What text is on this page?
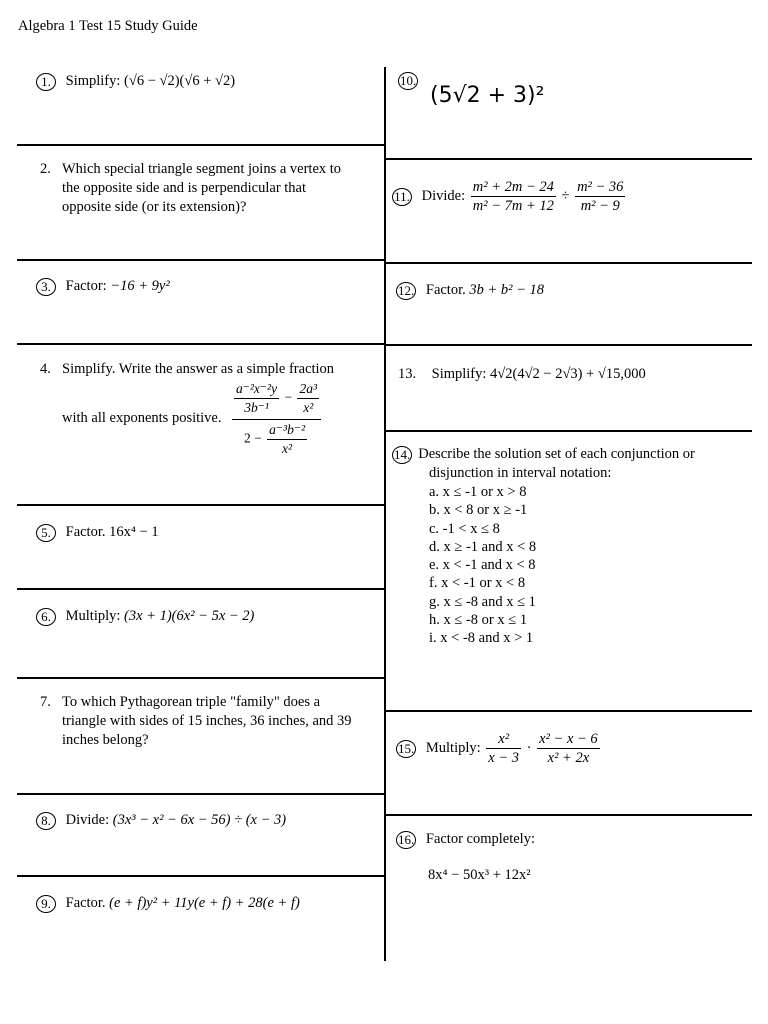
Algebra 1 Test 15 Study Guide
1. Simplify: (√6 − √2)(√6 + √2)
2. Which special triangle segment joins a vertex to
the opposite side and is perpendicular that
opposite side (or its extension)?
3. Factor: −16 + 9y²
4. Simplify. Write the answer as a simple fraction
with all exponents positive.
$\frac{\text{a⁻²x⁻²y}}{\text{3b⁻¹}} - \frac{\text{2a³}}{\text{x²}}$
$2 - \frac{\text{a⁻³b⁻²}}{\text{x²}}$
5. Factor. 16x⁴ − 1
6. Multiply: (3x + 1)(6x² − 5x − 2)
7. To which Pythagorean triple "family" does a
triangle with sides of 15 inches, 36 inches, and 39
inches belong?
8. Divide: (3x³ − x² − 6x − 56) ÷ (x − 3)
9. Factor. (e + f)y² + 11y(e + f) + 28(e + f)
10.
(5√2 + 3)²
11. Divide: $\frac{\text{m² + 2m − 24}}{\text{m² − 7m + 12}} \div \frac{\text{m² − 36}}{\text{m² − 9}}$
12. Factor. 3b + b² − 18
13. Simplify: 4√2(4√2 − 2√3) + √15,000
14. Describe the solution set of each conjunction or
disjunction in interval notation:
a. x ≤ -1 or x > 8
b. x < 8 or x ≥ -1
c. -1 < x ≤ 8
d. x ≥ -1 and x < 8
e. x < -1 and x < 8
f. x < -1 or x < 8
g. x ≤ -8 and x ≤ 1
h. x ≤ -8 or x ≤ 1
i. x < -8 and x > 1
15. Multiply: $\frac{\text{x²}}{x - 3} \cdot \frac{\text{x² − x − 6}}{\text{x² + 2x}}$
16. Factor completely:
8x⁴ − 50x³ + 12x²
